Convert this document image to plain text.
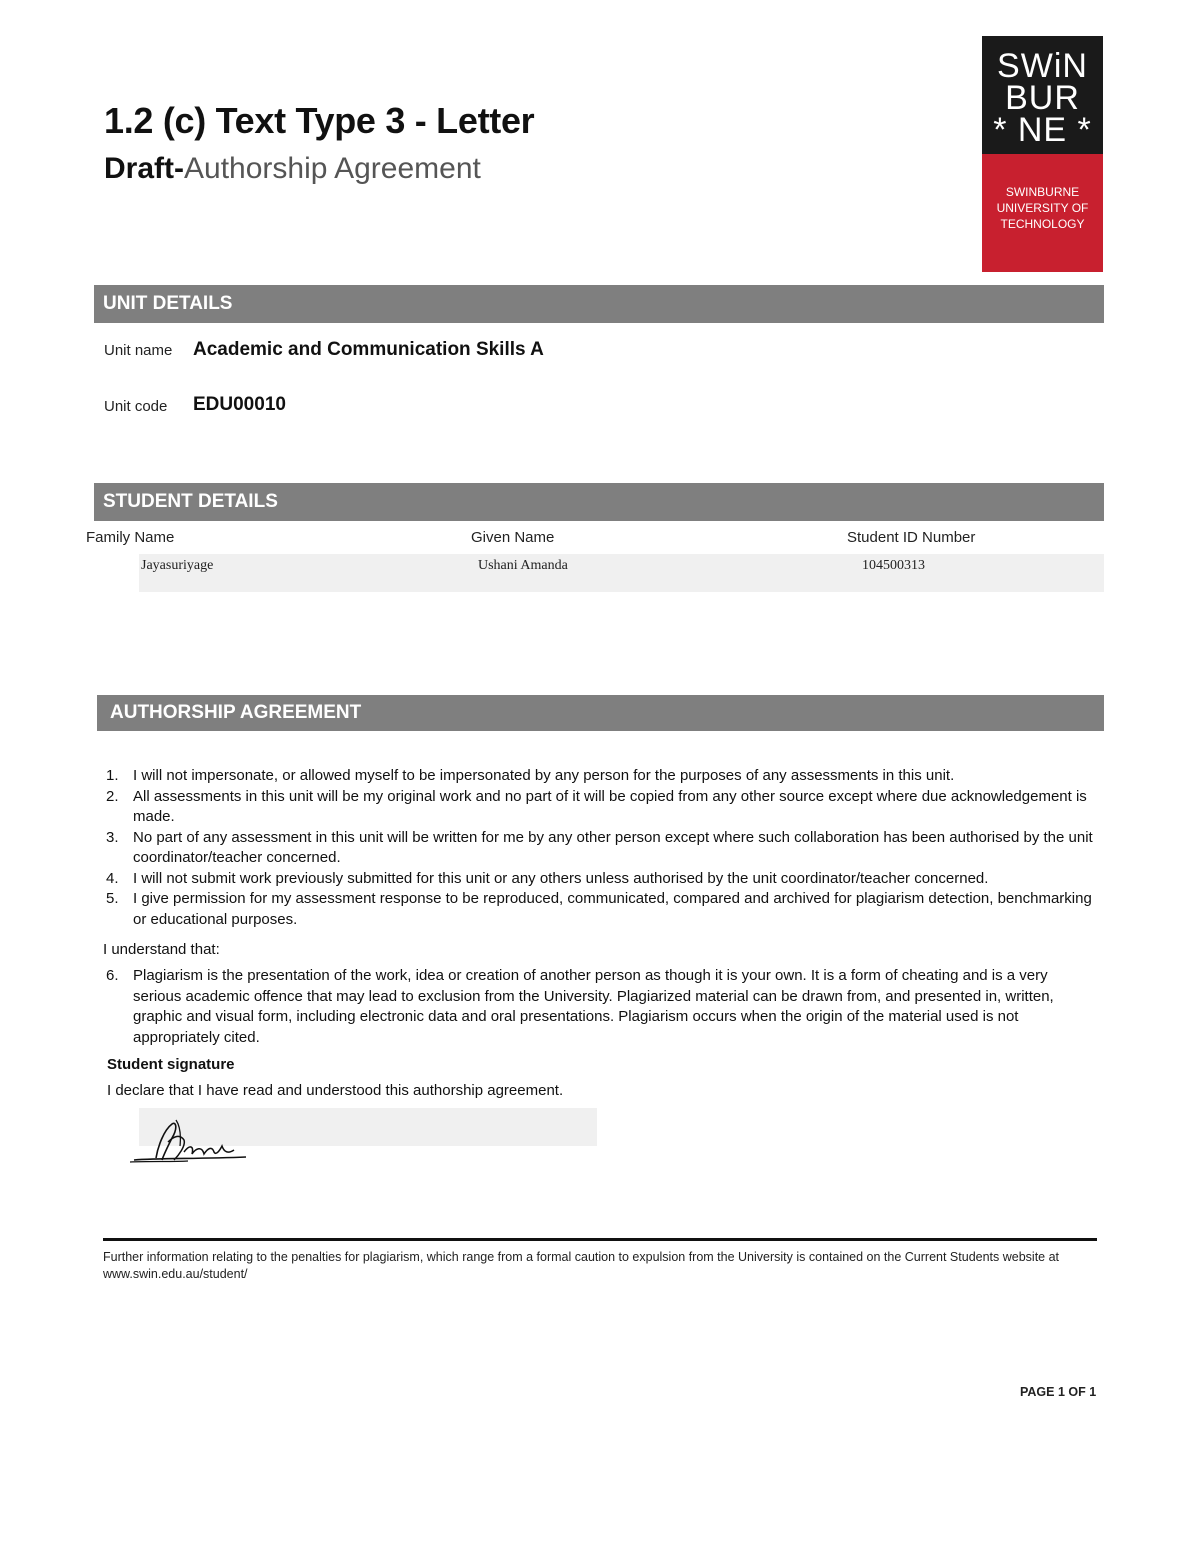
1.2 (c) Text Type 3 - Letter
Draft-Authorship Agreement
SWiN
BUR
* NE *
SWINBURNE
UNIVERSITY OF
TECHNOLOGY
UNIT DETAILS
Unit name Academic and Communication Skills A
Unit code EDU00010
STUDENT DETAILS
Family Name	Given Name	Student ID Number
Jayasuriyage	Ushani Amanda	104500313
AUTHORSHIP AGREEMENT
1. I will not impersonate, or allowed myself to be impersonated by any person for the purposes of any assessments in this unit.
2. All assessments in this unit will be my original work and no part of it will be copied from any other source except where due acknowledgement is made.
3. No part of any assessment in this unit will be written for me by any other person except where such collaboration has been authorised by the unit coordinator/teacher concerned.
4. I will not submit work previously submitted for this unit or any others unless authorised by the unit coordinator/teacher concerned.
5. I give permission for my assessment response to be reproduced, communicated, compared and archived for plagiarism detection, benchmarking or educational purposes.
I understand that:
6. Plagiarism is the presentation of the work, idea or creation of another person as though it is your own. It is a form of cheating and is a very serious academic offence that may lead to exclusion from the University. Plagiarized material can be drawn from, and presented in, written, graphic and visual form, including electronic data and oral presentations. Plagiarism occurs when the origin of the material used is not appropriately cited.
Student signature
I declare that I have read and understood this authorship agreement.
Further information relating to the penalties for plagiarism, which range from a formal caution to expulsion from the University is contained on the Current Students website at www.swin.edu.au/student/
PAGE 1 OF 1
